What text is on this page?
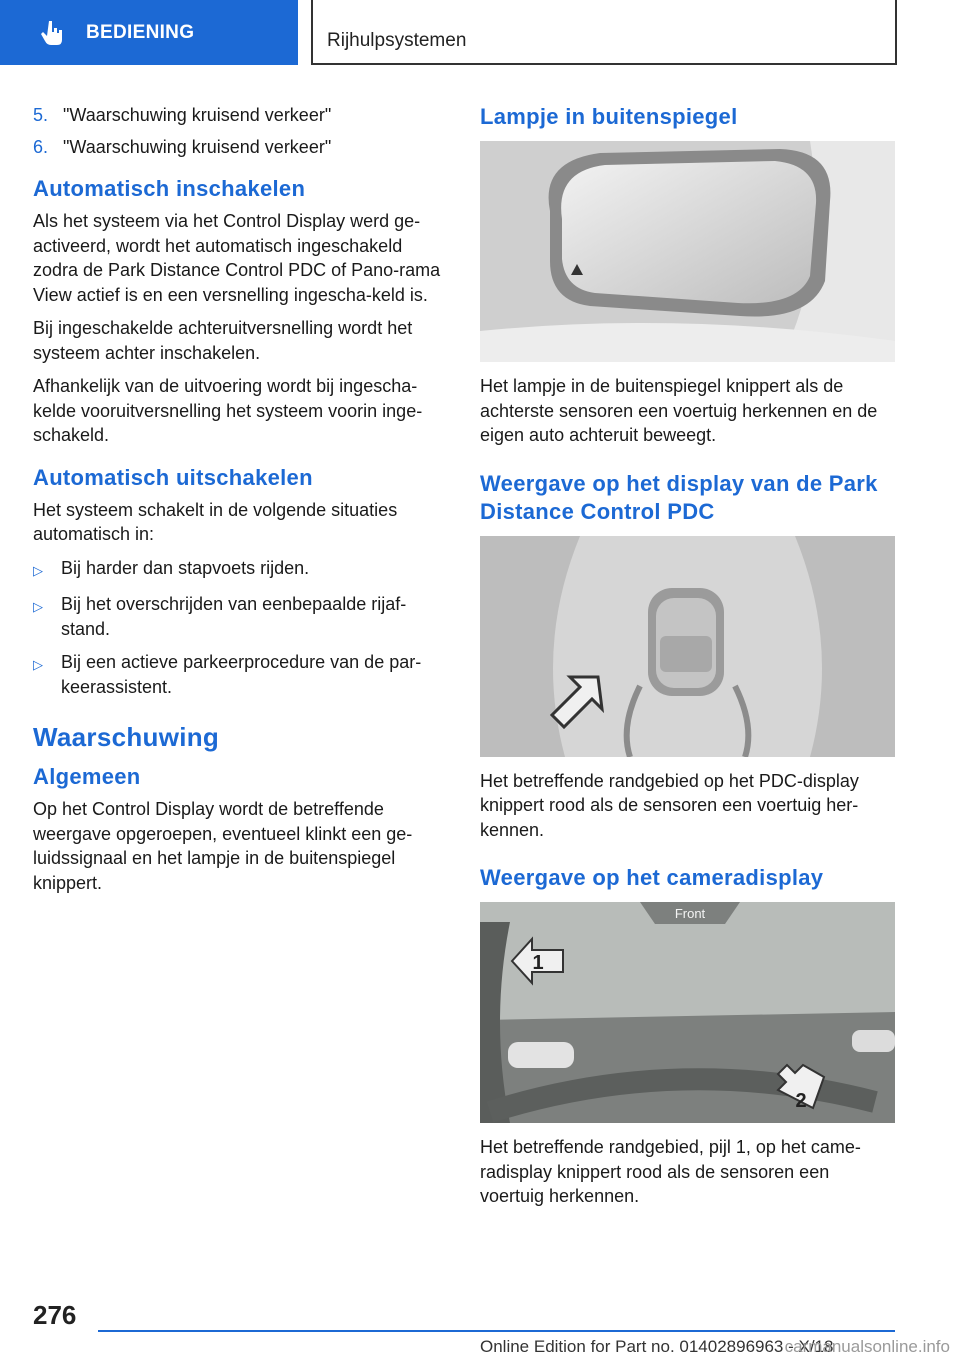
BEDIENING	Rijhulpsystemen
5. "Waarschuwing kruisend verkeer"
6. "Waarschuwing kruisend verkeer"
Automatisch inschakelen

Als het systeem via het Control Display werd ge-activeerd, wordt het automatisch ingeschakeld zodra de Park Distance Control PDC of Pano-rama View actief is en een versnelling ingescha-keld is.

Bij ingeschakelde achteruitversnelling wordt het systeem achter inschakelen.

Afhankelijk van de uitvoering wordt bij ingescha-kelde vooruitversnelling het systeem voorin inge-schakeld.

Automatisch uitschakelen

Het systeem schakelt in de volgende situaties automatisch in:

▷	Bij harder dan stapvoets rijden.
▷	Bij het overschrijden van eenbepaalde rijaf-stand.
▷	Bij een actieve parkeerprocedure van de par-keerassistent.
Waarschuwing
Algemeen

Op het Control Display wordt de betreffende weergave opgeroepen, eventueel klinkt een ge-luidssignaal en het lampje in de buitenspiegel knippert.

Lampje in buitenspiegel

Het lampje in de buitenspiegel knippert als de achterste sensoren een voertuig herkennen en de eigen auto achteruit beweegt.

Weergave op het display van de Park Distance Control PDC

Het betreffende randgebied op het PDC-display knippert rood als de sensoren een voertuig her-kennen.

Weergave op het cameradisplay
Front
1
2

Het betreffende randgebied, pijl 1, op het came-radisplay knippert rood als de sensoren een voertuig herkennen.

276
Online Edition for Part no. 01402896963 - X/18
carmanualsonline.info
